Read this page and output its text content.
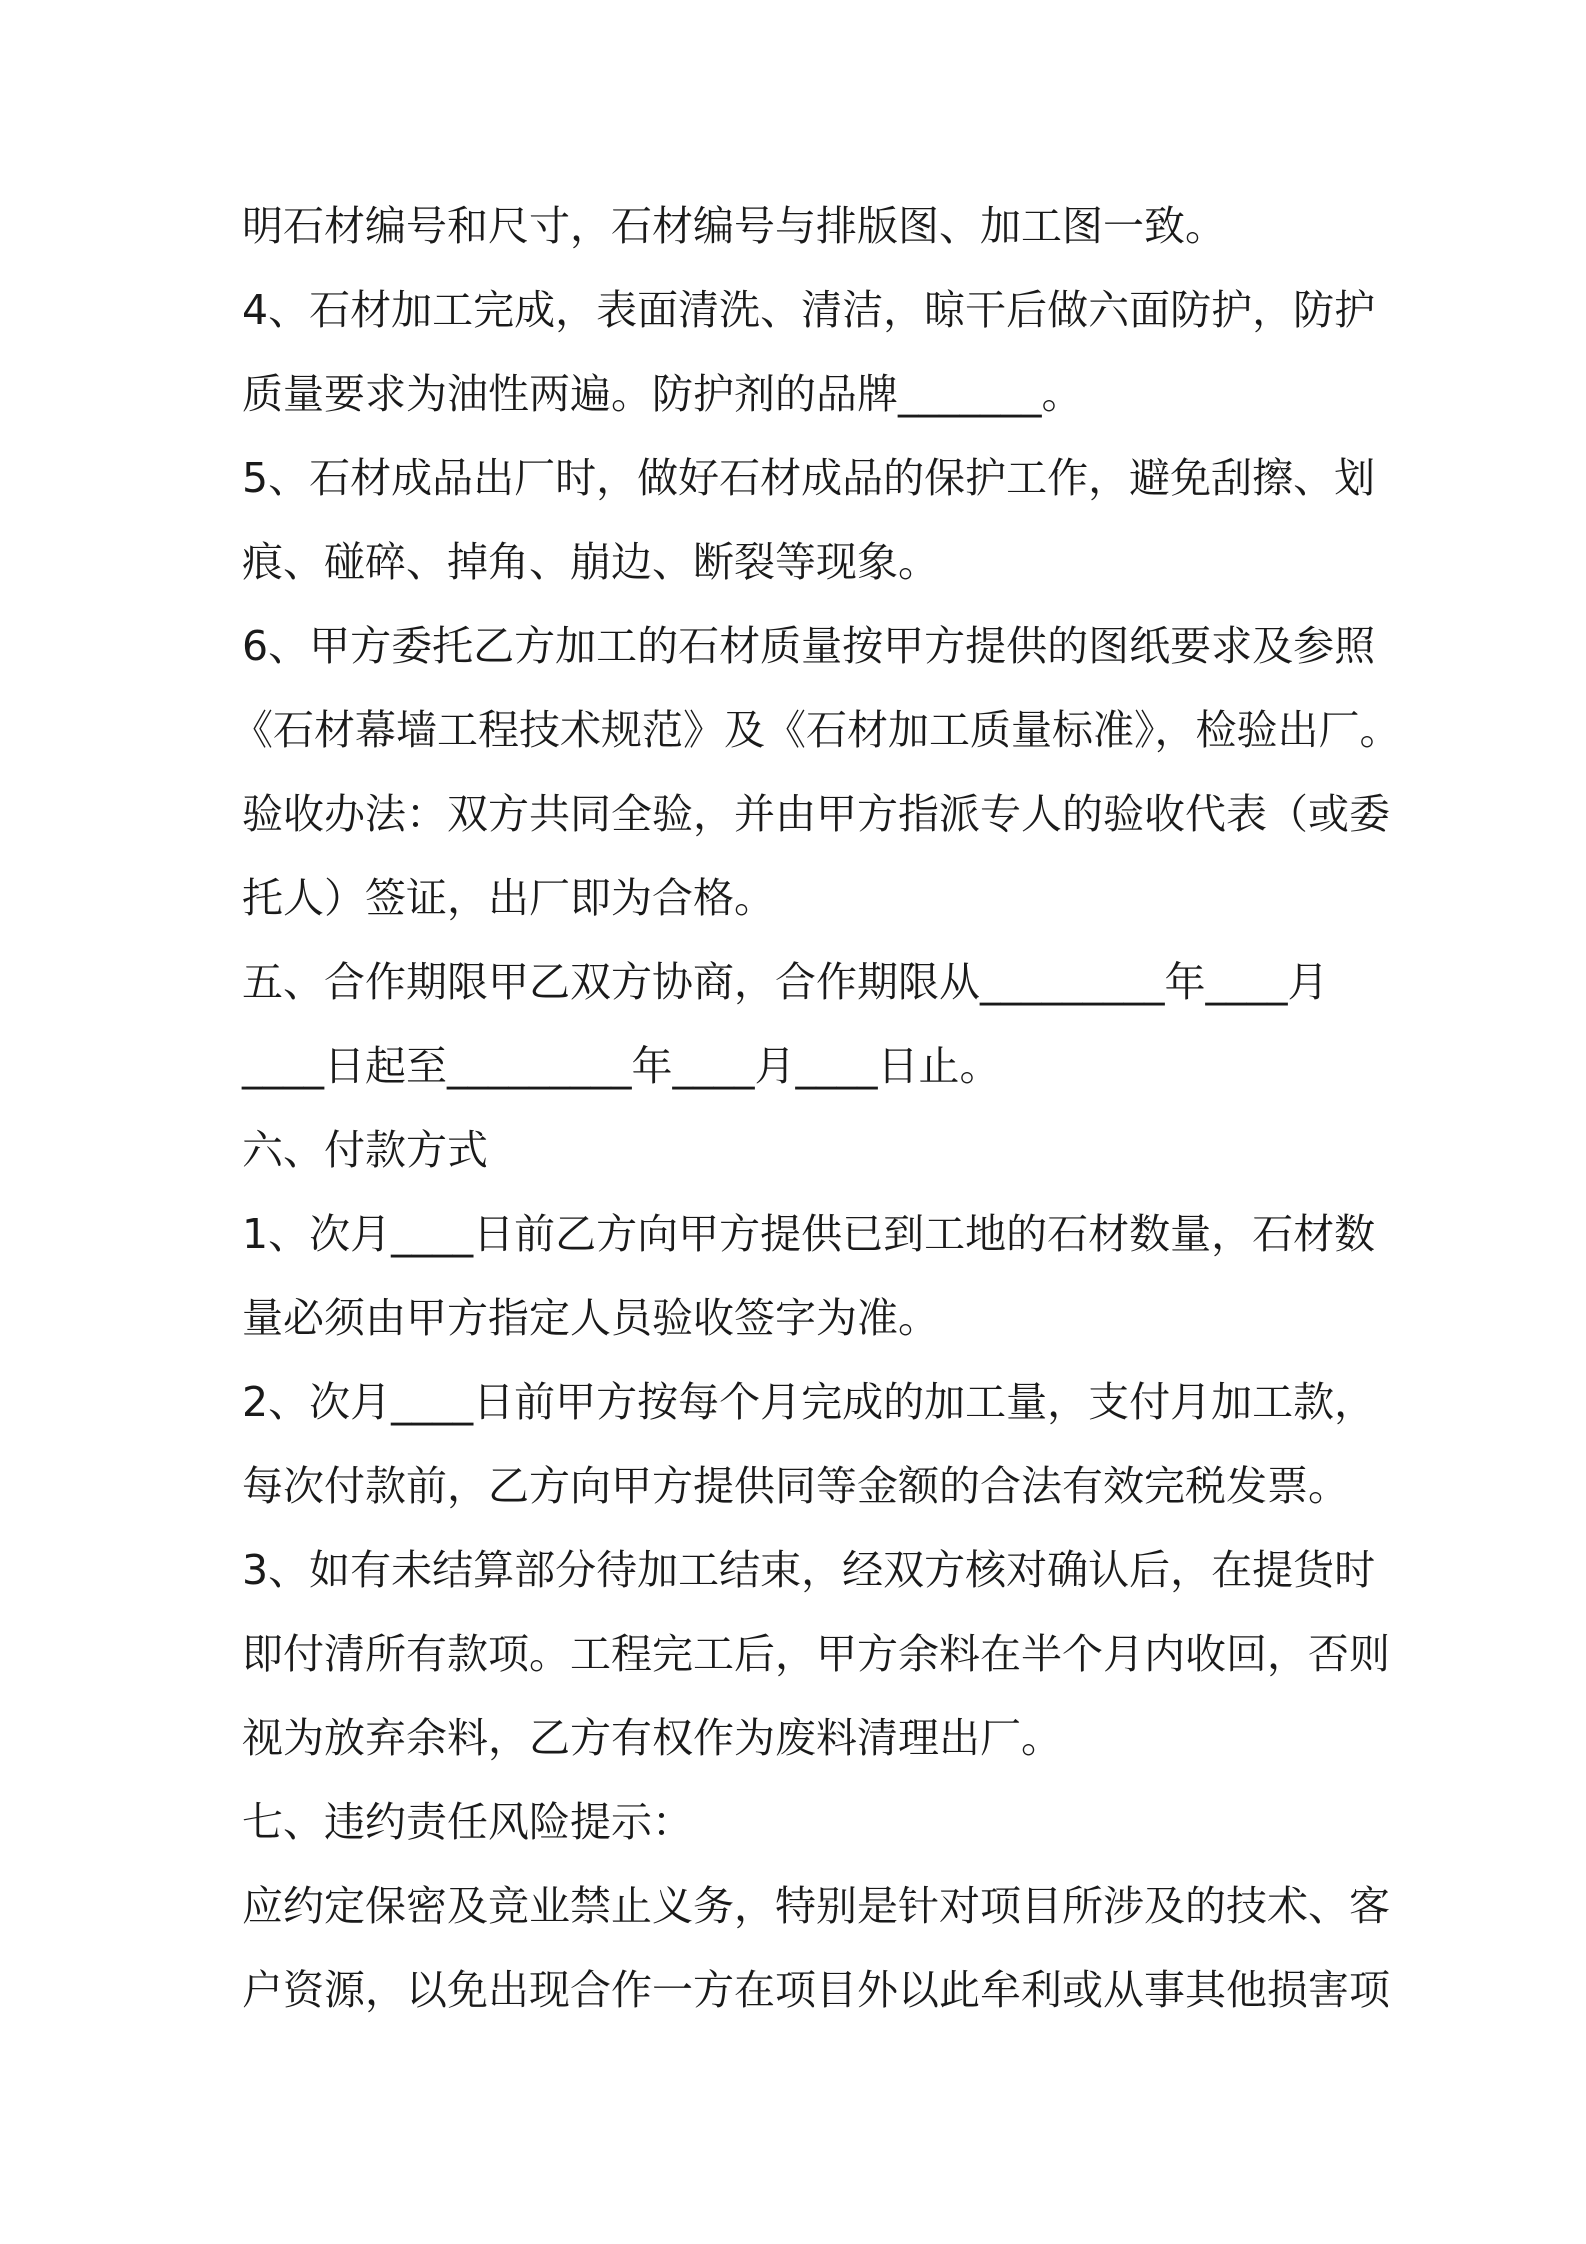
明石材编号和尺寸，石材编号与排版图、加工图一致。
4、石材加工完成，表面清洗、清洁，晾干后做六面防护，防护
质量要求为油性两遍。防护剂的品牌_______。
5、石材成品出厂时，做好石材成品的保护工作，避免刮擦、划
痕、碰碎、掉角、崩边、断裂等现象。
6、甲方委托乙方加工的石材质量按甲方提供的图纸要求及参照
《石材幕墙工程技术规范》及《石材加工质量标准》，检验出厂。
验收办法：双方共同全验，并由甲方指派专人的验收代表（或委
托人）签证，出厂即为合格。
五、合作期限甲乙双方协商，合作期限从_________年____月
____日起至_________年____月____日止。
六、付款方式
1、次月____日前乙方向甲方提供已到工地的石材数量，石材数
量必须由甲方指定人员验收签字为准。
2、次月____日前甲方按每个月完成的加工量，支付月加工款，
每次付款前，乙方向甲方提供同等金额的合法有效完税发票。
3、如有未结算部分待加工结束，经双方核对确认后，在提货时
即付清所有款项。工程完工后，甲方余料在半个月内收回，否则
视为放弃余料，乙方有权作为废料清理出厂。
七、违约责任风险提示：
应约定保密及竞业禁止义务，特别是针对项目所涉及的技术、客
户资源，以免出现合作一方在项目外以此牟利或从事其他损害项
